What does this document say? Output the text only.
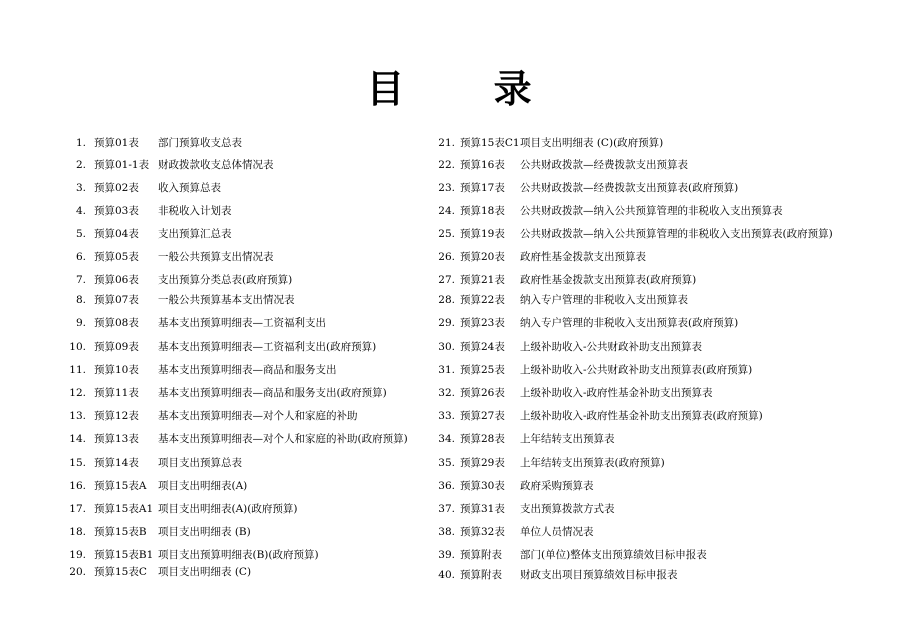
目 录
1. 预算01表 部门预算收支总表
2. 预算01-1表 财政拨款收支总体情况表
3. 预算02表 收入预算总表
4. 预算03表 非税收入计划表
5. 预算04表 支出预算汇总表
6. 预算05表 一般公共预算支出情况表
7. 预算06表 支出预算分类总表(政府预算)
8. 预算07表 一般公共预算基本支出情况表
9. 预算08表 基本支出预算明细表—工资福利支出
10. 预算09表 基本支出预算明细表—工资福利支出(政府预算)
11. 预算10表 基本支出预算明细表—商品和服务支出
12. 预算11表 基本支出预算明细表—商品和服务支出(政府预算)
13. 预算12表 基本支出预算明细表—对个人和家庭的补助
14. 预算13表 基本支出预算明细表—对个人和家庭的补助(政府预算)
15. 预算14表 项目支出预算总表
16. 预算15表A 项目支出明细表(A)
17. 预算15表A1 项目支出明细表(A)(政府预算)
18. 预算15表B 项目支出明细表 (B)
19. 预算15表B1 项目支出预算明细表(B)(政府预算)
20. 预算15表C 项目支出明细表 (C)
21. 预算15表C1 项目支出明细表 (C)(政府预算)
22. 预算16表 公共财政拨款—经费拨款支出预算表
23. 预算17表 公共财政拨款—经费拨款支出预算表(政府预算)
24. 预算18表 公共财政拨款—纳入公共预算管理的非税收入支出预算表
25. 预算19表 公共财政拨款—纳入公共预算管理的非税收入支出预算表(政府预算)
26. 预算20表 政府性基金拨款支出预算表
27. 预算21表 政府性基金拨款支出预算表(政府预算)
28. 预算22表 纳入专户管理的非税收入支出预算表
29. 预算23表 纳入专户管理的非税收入支出预算表(政府预算)
30. 预算24表 上级补助收入-公共财政补助支出预算表
31. 预算25表 上级补助收入-公共财政补助支出预算表(政府预算)
32. 预算26表 上级补助收入-政府性基金补助支出预算表
33. 预算27表 上级补助收入-政府性基金补助支出预算表(政府预算)
34. 预算28表 上年结转支出预算表
35. 预算29表 上年结转支出预算表(政府预算)
36. 预算30表 政府采购预算表
37. 预算31表 支出预算拨款方式表
38. 预算32表 单位人员情况表
39. 预算附表 部门(单位)整体支出预算绩效目标申报表
40. 预算附表 财政支出项目预算绩效目标申报表
